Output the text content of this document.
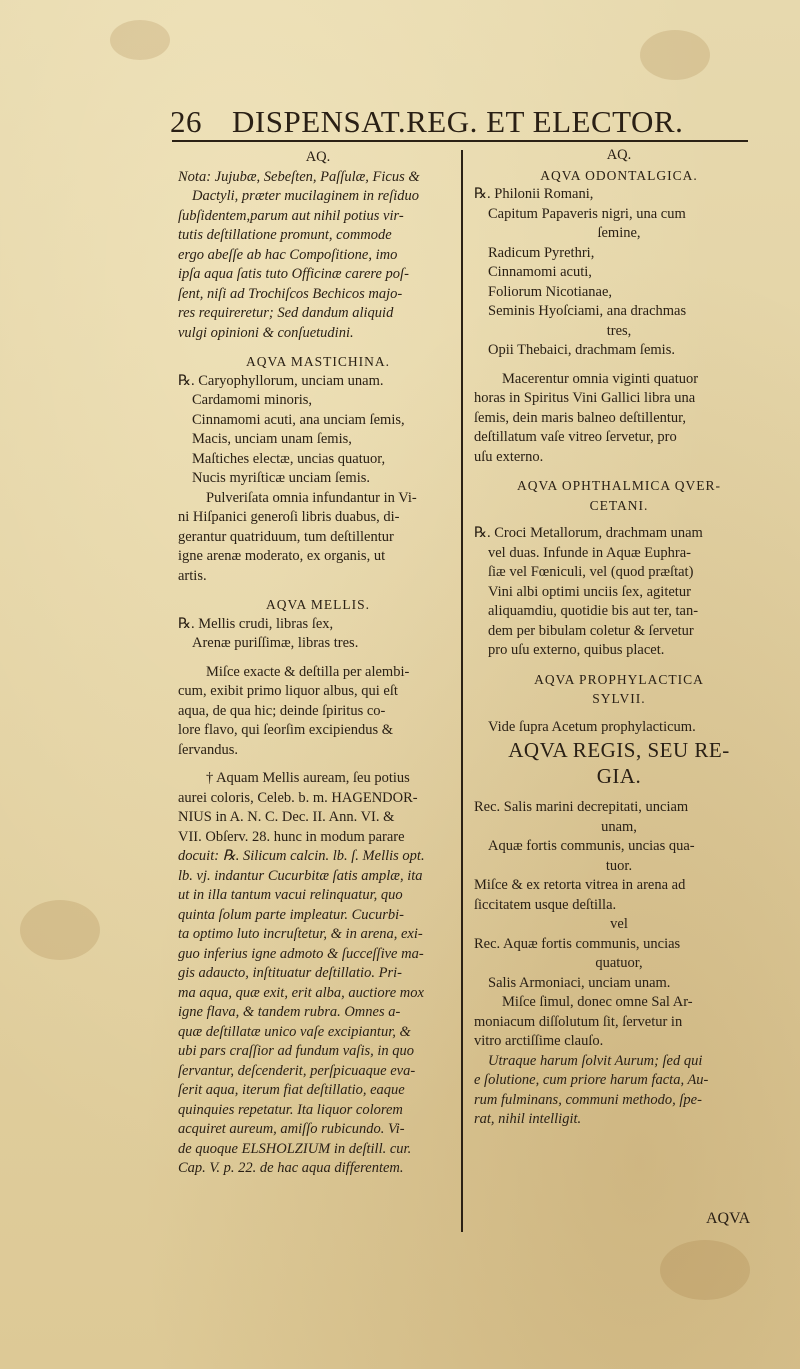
26 DISPENSAT.REG. ET ELECTOR.
AQ.
Nota: Jujubæ, Sebeſten, Paſſulæ, Ficus &
Dactyli, præter mucilaginem in reſiduo
ſubſidentem,parum aut nihil potius vir-
tutis deſtillatione promunt, commode
ergo abeſſe ab hac Compoſitione, imo
ipſa aqua ſatis tuto Officinæ carere poſ-
ſent, niſi ad Trochiſcos Bechicos majo-
res requireretur; Sed dandum aliquid
vulgi opinioni & conſuetudini.
AQVA MASTICHINA.
℞. Caryophyllorum, unciam unam.
Cardamomi minoris,
Cinnamomi acuti, ana unciam ſemis,
Macis, unciam unam ſemis,
Maſtiches electæ, uncias quatuor,
Nucis myriſticæ unciam ſemis.
Pulveriſata omnia infundantur in Vi-
ni Hiſpanici generoſi libris duabus, di-
gerantur quatriduum, tum deſtillentur
igne arenæ moderato, ex organis, ut
artis.
AQVA MELLIS.
℞. Mellis crudi, libras ſex,
Arenæ puriſſimæ, libras tres.
Miſce exacte & deſtilla per alembi-
cum, exibit primo liquor albus, qui eſt
aqua, de qua hic; deinde ſpiritus co-
lore flavo, qui ſeorſim excipiendus &
ſervandus.
† Aquam Mellis auream, ſeu potius
aurei coloris, Celeb. b. m. HAGENDOR-
NIUS in A. N. C. Dec. II. Ann. VI. &
VII. Obſerv. 28. hunc in modum parare
docuit: ℞. Silicum calcin. lb. ſ. Mellis opt.
lb. vj. indantur Cucurbitæ ſatis amplæ, ita
ut in illa tantum vacui relinquatur, quo
quinta ſolum parte impleatur. Cucurbi-
ta optimo luto incruſtetur, & in arena, exi-
guo inferius igne admoto & ſucceſſive ma-
gis adaucto, inſtituatur deſtillatio. Pri-
ma aqua, quæ exit, erit alba, auctiore mox
igne flava, & tandem rubra. Omnes a-
quæ deſtillatæ unico vaſe excipiantur, &
ubi pars craſſior ad fundum vaſis, in quo
ſervantur, deſcenderit, perſpicuaque eva-
ſerit aqua, iterum fiat deſtillatio, eaque
quinquies repetatur. Ita liquor colorem
acquiret aureum, amiſſo rubicundo. Vi-
de quoque ELSHOLZIUM in deſtill. cur.
Cap. V. p. 22. de hac aqua differentem.
AQ.
AQVA ODONTALGICA.
℞. Philonii Romani,
Capitum Papaveris nigri, una cum
ſemine,
Radicum Pyrethri,
Cinnamomi acuti,
Foliorum Nicotianae,
Seminis Hyoſciami, ana drachmas
tres,
Opii Thebaici, drachmam ſemis.
Macerentur omnia viginti quatuor
horas in Spiritus Vini Gallici libra una
ſemis, dein maris balneo deſtillentur,
deſtillatum vaſe vitreo ſervetur, pro
uſu externo.
AQVA OPHTHALMICA QVER-
CETANI.
℞. Croci Metallorum, drachmam unam
vel duas. Infunde in Aquæ Euphra-
ſiæ vel Fœniculi, vel (quod præſtat)
Vini albi optimi unciis ſex, agitetur
aliquamdiu, quotidie bis aut ter, tan-
dem per bibulam coletur & ſervetur
pro uſu externo, quibus placet.
AQVA PROPHYLACTICA
SYLVII.
Vide ſupra Acetum prophylacticum.
AQVA REGIS, SEU RE-
GIA.
Rec. Salis marini decrepitati, unciam
unam,
Aquæ fortis communis, uncias qua-
tuor.
Miſce & ex retorta vitrea in arena ad
ſiccitatem usque deſtilla.
vel
Rec. Aquæ fortis communis, uncias
quatuor,
Salis Armoniaci, unciam unam.
Miſce ſimul, donec omne Sal Ar-
moniacum diſſolutum ſit, ſervetur in
vitro arctiſſime clauſo.
Utraque harum ſolvit Aurum; ſed qui
e ſolutione, cum priore harum facta, Au-
rum fulminans, communi methodo, ſpe-
rat, nihil intelligit.
AQVA
